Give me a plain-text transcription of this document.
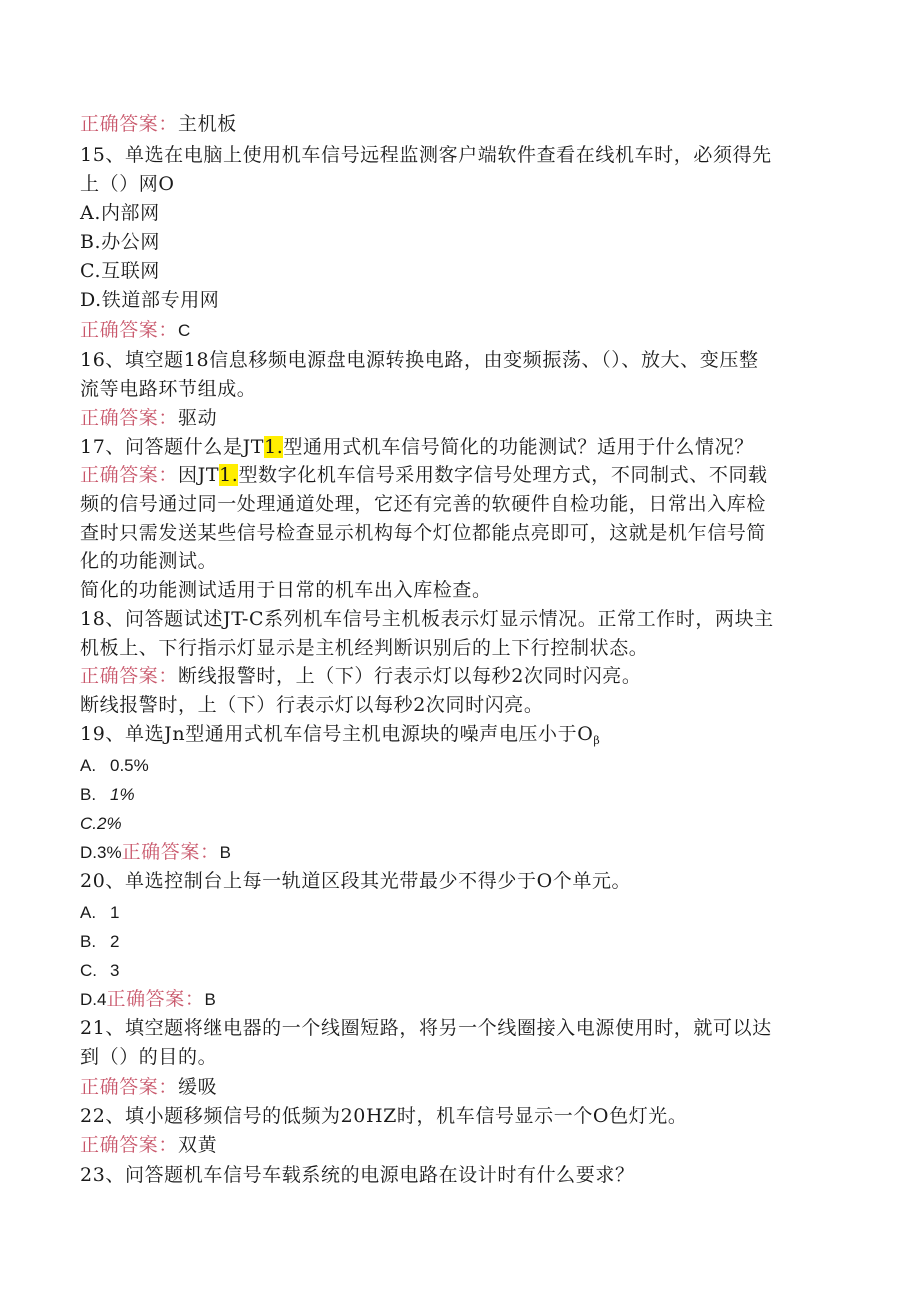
正确答案：主机板
15、单选在电脑上使用机车信号远程监测客户端软件查看在线机车时，必须得先
上（）网O
A.内部网
B.办公网
C.互联网
D.铁道部专用网
正确答案：C
16、填空题18信息移频电源盘电源转换电路，由变频振荡、（）、放大、变压整
流等电路环节组成。
正确答案：驱动
17、问答题什么是JT1.型通用式机车信号简化的功能测试？适用于什么情况？
正确答案：因JT1.型数字化机车信号采用数字信号处理方式，不同制式、不同载
频的信号通过同一处理通道处理，它还有完善的软硬件自检功能，日常出入库检
查时只需发送某些信号检查显示机构每个灯位都能点亮即可，这就是机乍信号简
化的功能测试。
简化的功能测试适用于日常的机车出入库检查。
18、问答题试述JT-C系列机车信号主机板表示灯显示情况。正常工作时，两块主
机板上、下行指示灯显示是主机经判断识别后的上下行控制状态。
正确答案：断线报警时，上（下）行表示灯以每秒2次同时闪亮。
断线报警时，上（下）行表示灯以每秒2次同时闪亮。
19、单选Jn型通用式机车信号主机电源块的噪声电压小于$O_\beta$
A. 0.5%
B. 1%
C.2%
D.3%正确答案：B
20、单选控制台上每一轨道区段其光带最少不得少于O个单元。
A. 1
B. 2
C. 3
D.4正确答案：B
21、填空题将继电器的一个线圈短路，将另一个线圈接入电源使用时，就可以达
到（）的目的。
正确答案：缓吸
22、填小题移频信号的低频为20HZ时，机车信号显示一个O色灯光。
正确答案：双黄
23、问答题机车信号车载系统的电源电路在设计时有什么要求？
